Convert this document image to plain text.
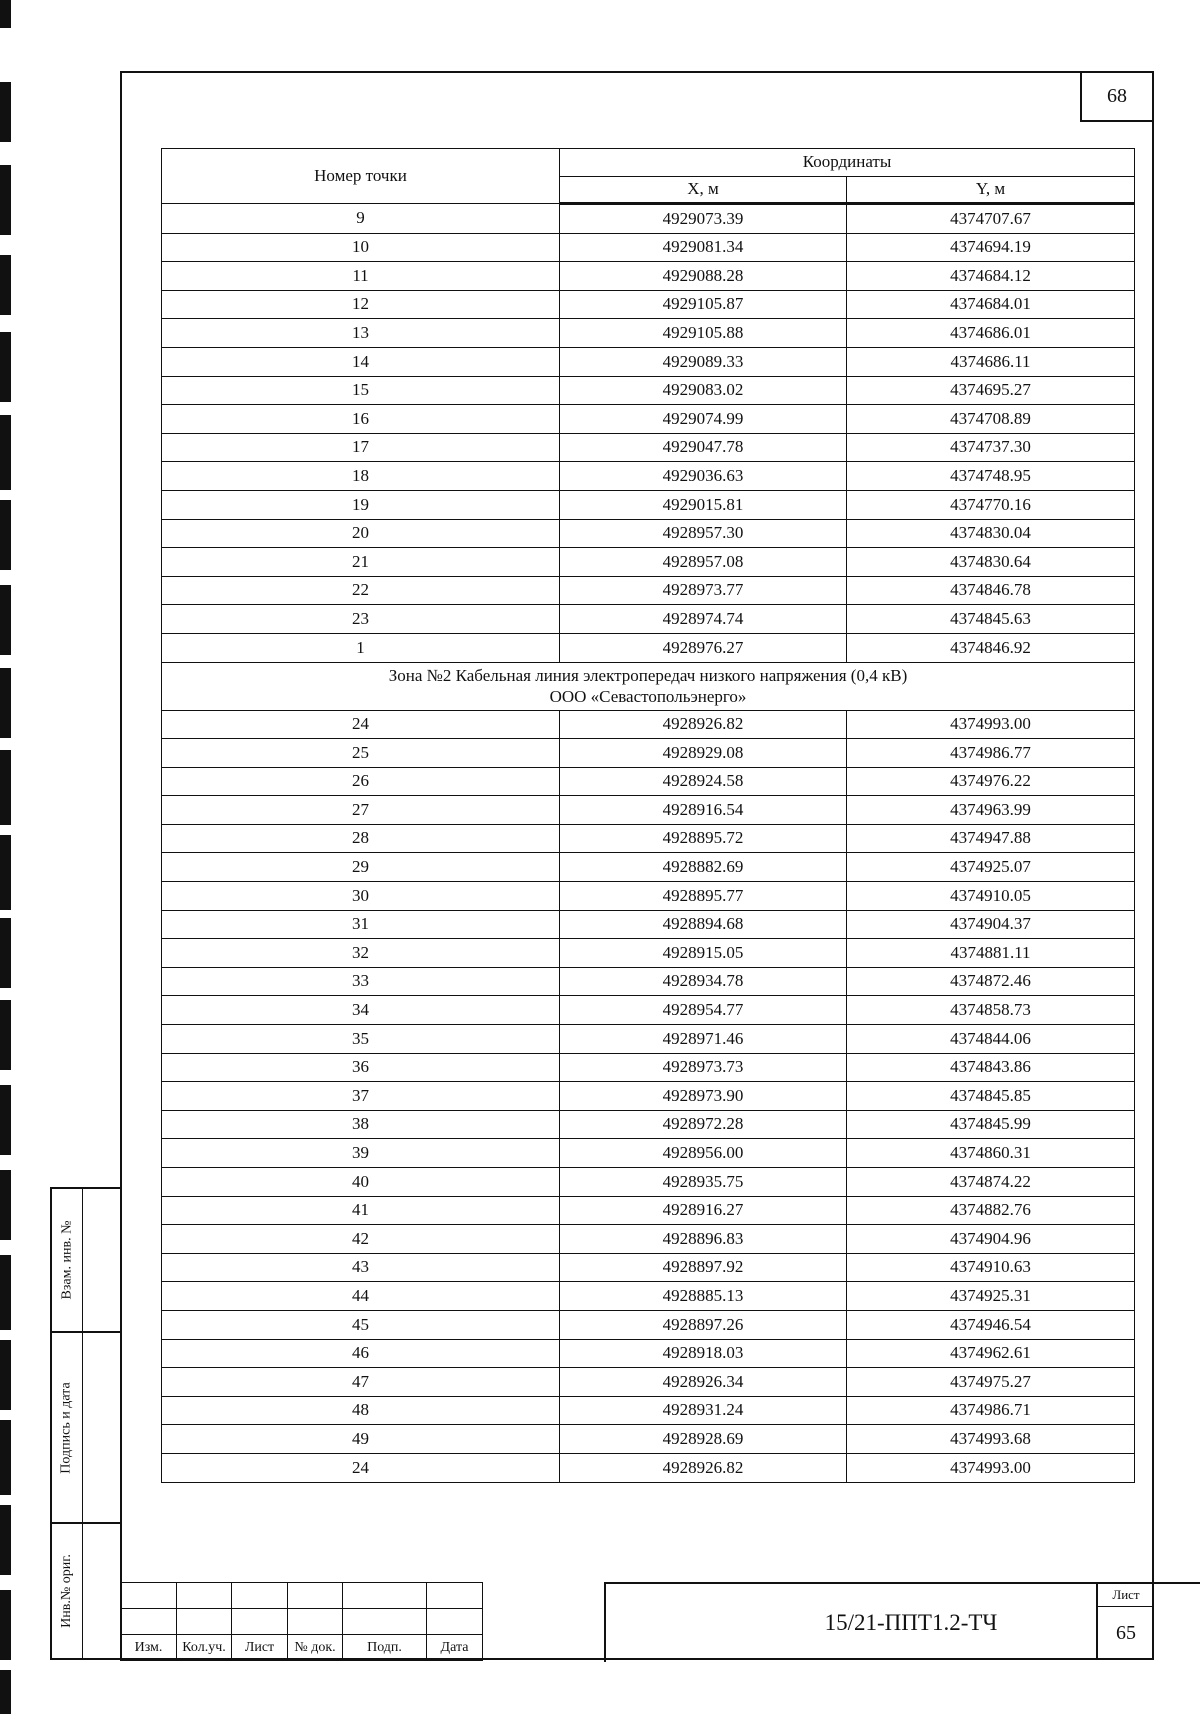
68
Номер точки	Координаты	
	X, м	Y, м
9	4929073.39	4374707.67
10	4929081.34	4374694.19
11	4929088.28	4374684.12
12	4929105.87	4374684.01
13	4929105.88	4374686.01
14	4929089.33	4374686.11
15	4929083.02	4374695.27
16	4929074.99	4374708.89
17	4929047.78	4374737.30
18	4929036.63	4374748.95
19	4929015.81	4374770.16
20	4928957.30	4374830.04
21	4928957.08	4374830.64
22	4928973.77	4374846.78
23	4928974.74	4374845.63
1	4928976.27	4374846.92

Зона №2 Кабельная линия электропередач низкого напряжения (0,4 кВ)
ООО «Севастопольэнерго»		

24	4928926.82	4374993.00
25	4928929.08	4374986.77
26	4928924.58	4374976.22
27	4928916.54	4374963.99
28	4928895.72	4374947.88
29	4928882.69	4374925.07
30	4928895.77	4374910.05
31	4928894.68	4374904.37
32	4928915.05	4374881.11
33	4928934.78	4374872.46
34	4928954.77	4374858.73
35	4928971.46	4374844.06
36	4928973.73	4374843.86
37	4928973.90	4374845.85
38	4928972.28	4374845.99
39	4928956.00	4374860.31
40	4928935.75	4374874.22
41	4928916.27	4374882.76
42	4928896.83	4374904.96
43	4928897.92	4374910.63
44	4928885.13	4374925.31
45	4928897.26	4374946.54
46	4928918.03	4374962.61
47	4928926.34	4374975.27
48	4928931.24	4374986.71
49	4928928.69	4374993.68
24	4928926.82	4374993.00
Взам. инв. №
Подпись и дата
Инв.№ ориг.

Изм.	Кол.уч.	Лист	№ док.	Подп.	Дата
15/21-ППТ1.2-ТЧ
Лист
65
